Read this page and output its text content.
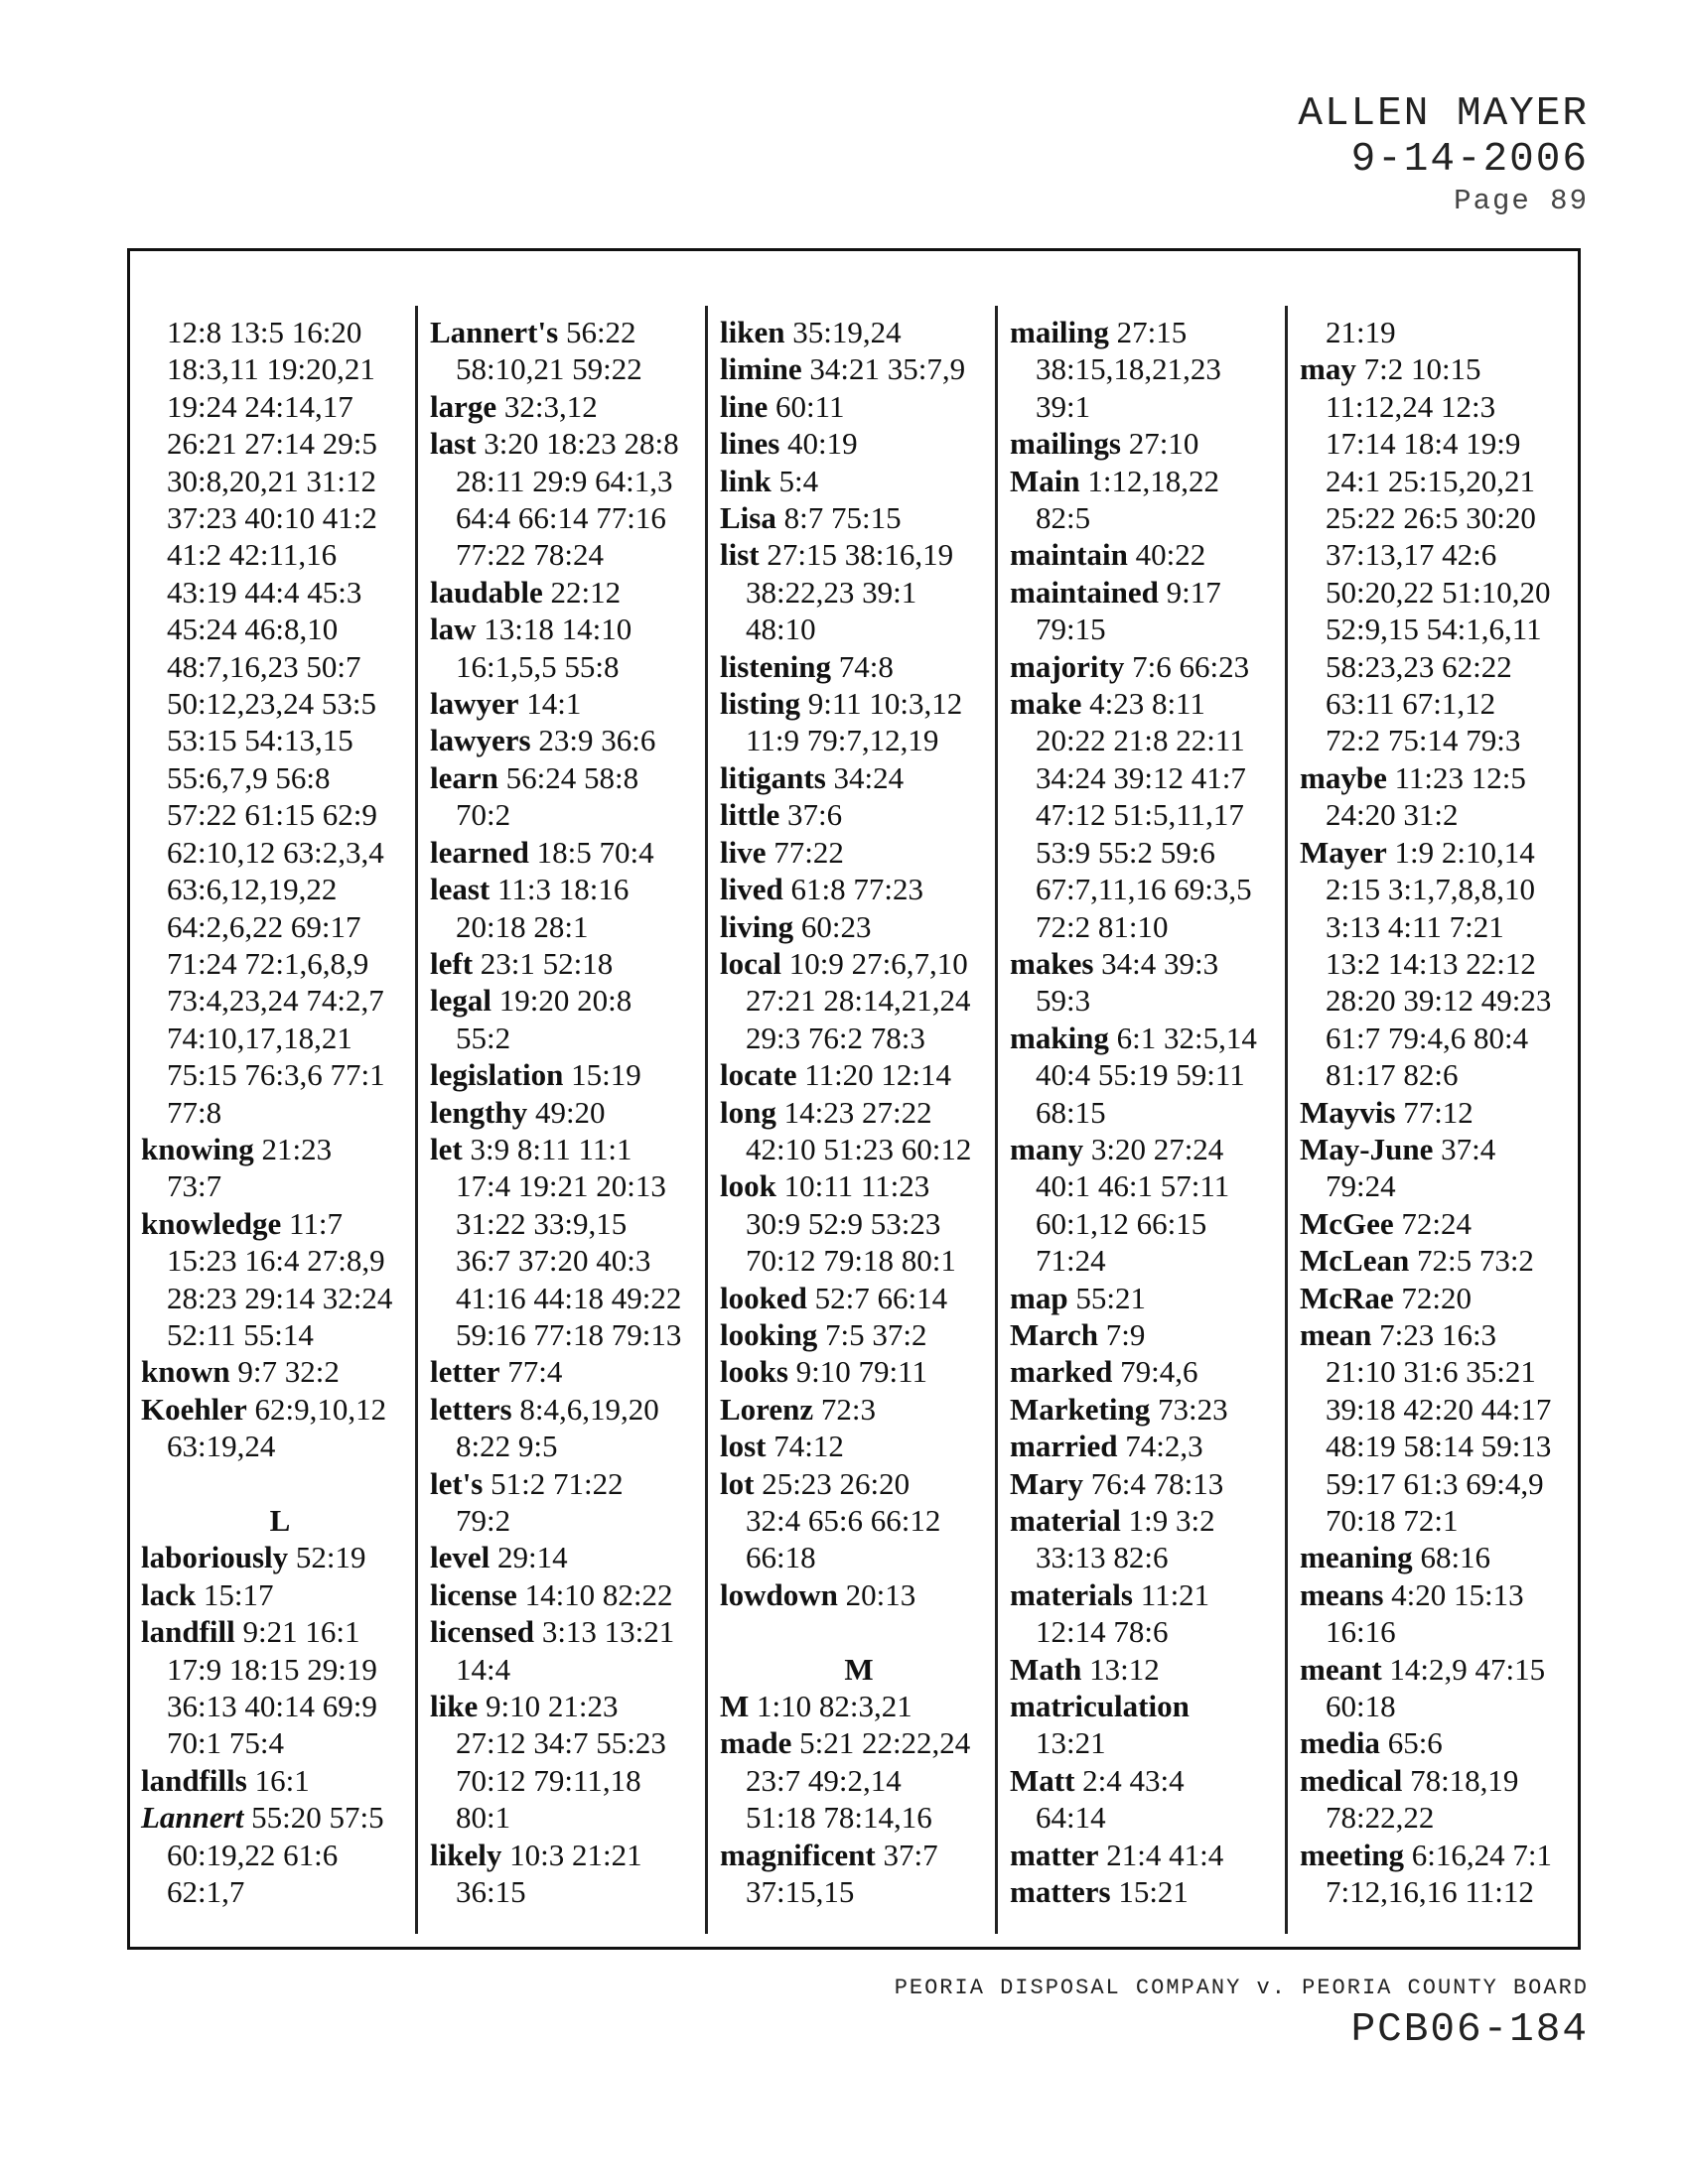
ALLEN MAYER
9-14-2006
Page 89
12:8 13:5 16:20
18:3,11 19:20,21
19:24 24:14,17
26:21 27:14 29:5
30:8,20,21 31:12
37:23 40:10 41:2
41:2 42:11,16
43:19 44:4 45:3
45:24 46:8,10
48:7,16,23 50:7
50:12,23,24 53:5
53:15 54:13,15
55:6,7,9 56:8
57:22 61:15 62:9
62:10,12 63:2,3,4
63:6,12,19,22
64:2,6,22 69:17
71:24 72:1,6,8,9
73:4,23,24 74:2,7
74:10,17,18,21
75:15 76:3,6 77:1
77:8
knowing 21:23
73:7
knowledge 11:7
15:23 16:4 27:8,9
28:23 29:14 32:24
52:11 55:14
known 9:7 32:2
Koehler 62:9,10,12
63:19,24
L
laboriously 52:19
lack 15:17
landfill 9:21 16:1
17:9 18:15 29:19
36:13 40:14 69:9
70:1 75:4
landfills 16:1
Lannert 55:20 57:5
60:19,22 61:6
62:1,7
Lannert's 56:22
58:10,21 59:22
large 32:3,12
last 3:20 18:23 28:8
28:11 29:9 64:1,3
64:4 66:14 77:16
77:22 78:24
laudable 22:12
law 13:18 14:10
16:1,5,5 55:8
lawyer 14:1
lawyers 23:9 36:6
learn 56:24 58:8
70:2
learned 18:5 70:4
least 11:3 18:16
20:18 28:1
left 23:1 52:18
legal 19:20 20:8
55:2
legislation 15:19
lengthy 49:20
let 3:9 8:11 11:1
17:4 19:21 20:13
31:22 33:9,15
36:7 37:20 40:3
41:16 44:18 49:22
59:16 77:18 79:13
letter 77:4
letters 8:4,6,19,20
8:22 9:5
let's 51:2 71:22
79:2
level 29:14
license 14:10 82:22
licensed 3:13 13:21
14:4
like 9:10 21:23
27:12 34:7 55:23
70:12 79:11,18
80:1
likely 10:3 21:21
36:15
liken 35:19,24
limine 34:21 35:7,9
line 60:11
lines 40:19
link 5:4
Lisa 8:7 75:15
list 27:15 38:16,19
38:22,23 39:1
48:10
listening 74:8
listing 9:11 10:3,12
11:9 79:7,12,19
litigants 34:24
little 37:6
live 77:22
lived 61:8 77:23
living 60:23
local 10:9 27:6,7,10
27:21 28:14,21,24
29:3 76:2 78:3
locate 11:20 12:14
long 14:23 27:22
42:10 51:23 60:12
look 10:11 11:23
30:9 52:9 53:23
70:12 79:18 80:1
looked 52:7 66:14
looking 7:5 37:2
looks 9:10 79:11
Lorenz 72:3
lost 74:12
lot 25:23 26:20
32:4 65:6 66:12
66:18
lowdown 20:13
M
M 1:10 82:3,21
made 5:21 22:22,24
23:7 49:2,14
51:18 78:14,16
magnificent 37:7
37:15,15
mailing 27:15
38:15,18,21,23
39:1
mailings 27:10
Main 1:12,18,22
82:5
maintain 40:22
maintained 9:17
79:15
majority 7:6 66:23
make 4:23 8:11
20:22 21:8 22:11
34:24 39:12 41:7
47:12 51:5,11,17
53:9 55:2 59:6
67:7,11,16 69:3,5
72:2 81:10
makes 34:4 39:3
59:3
making 6:1 32:5,14
40:4 55:19 59:11
68:15
many 3:20 27:24
40:1 46:1 57:11
60:1,12 66:15
71:24
map 55:21
March 7:9
marked 79:4,6
Marketing 73:23
married 74:2,3
Mary 76:4 78:13
material 1:9 3:2
33:13 82:6
materials 11:21
12:14 78:6
Math 13:12
matriculation
13:21
Matt 2:4 43:4
64:14
matter 21:4 41:4
matters 15:21
21:19
may 7:2 10:15
11:12,24 12:3
17:14 18:4 19:9
24:1 25:15,20,21
25:22 26:5 30:20
37:13,17 42:6
50:20,22 51:10,20
52:9,15 54:1,6,11
58:23,23 62:22
63:11 67:1,12
72:2 75:14 79:3
maybe 11:23 12:5
24:20 31:2
Mayer 1:9 2:10,14
2:15 3:1,7,8,8,10
3:13 4:11 7:21
13:2 14:13 22:12
28:20 39:12 49:23
61:7 79:4,6 80:4
81:17 82:6
Mayvis 77:12
May-June 37:4
79:24
McGee 72:24
McLean 72:5 73:2
McRae 72:20
mean 7:23 16:3
21:10 31:6 35:21
39:18 42:20 44:17
48:19 58:14 59:13
59:17 61:3 69:4,9
70:18 72:1
meaning 68:16
means 4:20 15:13
16:16
meant 14:2,9 47:15
60:18
media 65:6
medical 78:18,19
78:22,22
meeting 6:16,24 7:1
7:12,16,16 11:12
PEORIA DISPOSAL COMPANY v. PEORIA COUNTY BOARD
PCB06-184
